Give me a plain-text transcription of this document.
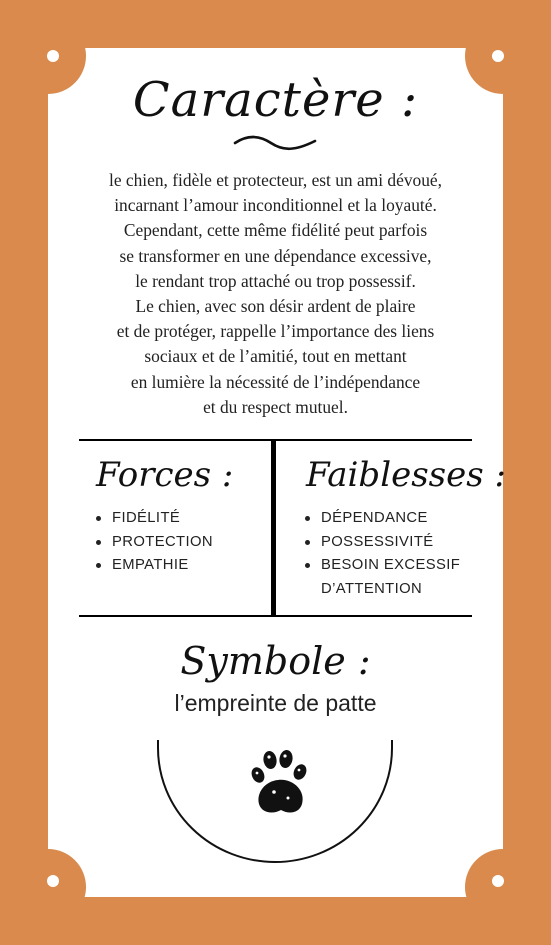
Caractère :
le chien, fidèle et protecteur, est un ami dévoué,
incarnant l’amour inconditionnel et la loyauté.
Cependant, cette même fidélité peut parfois
se transformer en une dépendance excessive,
le rendant trop attaché ou trop possessif.
Le chien, avec son désir ardent de plaire
et de protéger, rappelle l’importance des liens
sociaux et de l’amitié, tout en mettant
en lumière la nécessité de l’indépendance
et du respect mutuel.
Forces :
FIDÉLITÉ
PROTECTION
EMPATHIE
Faiblesses :
DÉPENDANCE
POSSESSIVITÉ
BESOIN EXCESSIF D’ATTENTION
Symbole :
l’empreinte de patte
